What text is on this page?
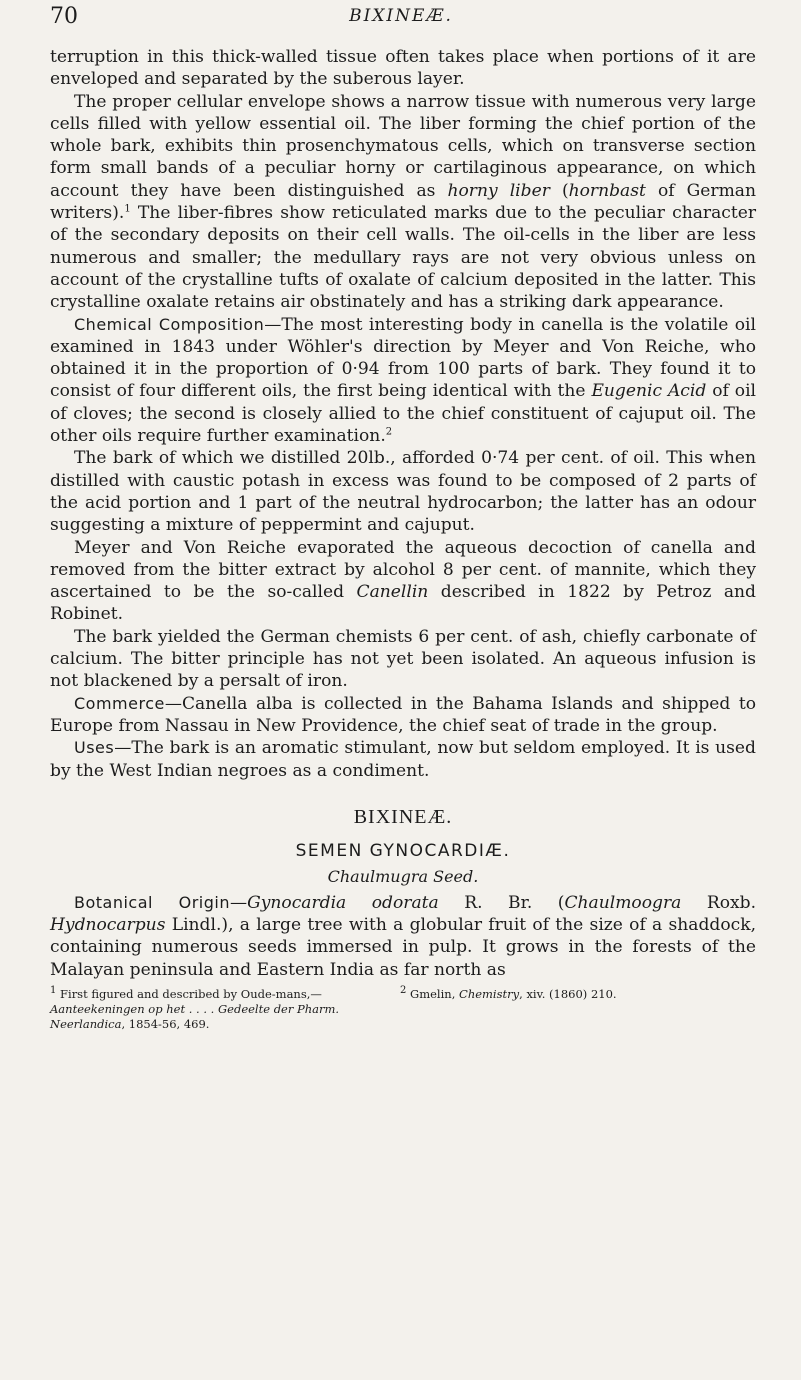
70	BIXINEÆ.

terruption in this thick-walled tissue often takes place when portions of it are enveloped and separated by the suberous layer.

The proper cellular envelope shows a narrow tissue with numerous very large cells filled with yellow essential oil. The liber forming the chief portion of the whole bark, exhibits thin prosenchymatous cells, which on transverse section form small bands of a peculiar horny or cartilaginous appearance, on which account they have been distinguished as horny liber (hornbast of German writers).$^1$ The liber-fibres show reticulated marks due to the peculiar character of the secondary deposits on their cell walls. The oil-cells in the liber are less numerous and smaller; the medullary rays are not very obvious unless on account of the crystalline tufts of oxalate of calcium deposited in the latter. This crystalline oxalate retains air obstinately and has a striking dark appearance.

Chemical Composition—The most interesting body in canella is the volatile oil examined in 1843 under Wöhler's direction by Meyer and Von Reiche, who obtained it in the proportion of 0·94 from 100 parts of bark. They found it to consist of four different oils, the first being identical with the Eugenic Acid of oil of cloves; the second is closely allied to the chief constituent of cajuput oil. The other oils require further examination.$^2$

The bark of which we distilled 20lb., afforded 0·74 per cent. of oil. This when distilled with caustic potash in excess was found to be composed of 2 parts of the acid portion and 1 part of the neutral hydrocarbon; the latter has an odour suggesting a mixture of peppermint and cajuput.

Meyer and Von Reiche evaporated the aqueous decoction of canella and removed from the bitter extract by alcohol 8 per cent. of mannite, which they ascertained to be the so-called Canellin described in 1822 by Petroz and Robinet.

The bark yielded the German chemists 6 per cent. of ash, chiefly carbonate of calcium. The bitter principle has not yet been isolated. An aqueous infusion is not blackened by a persalt of iron.

Commerce—Canella alba is collected in the Bahama Islands and shipped to Europe from Nassau in New Providence, the chief seat of trade in the group.

Uses—The bark is an aromatic stimulant, now but seldom employed. It is used by the West Indian negroes as a condiment.

BIXINEÆ.
SEMEN GYNOCARDIÆ.
Chaulmugra Seed.

Botanical Origin—Gynocardia odorata R. Br. (Chaulmoogra Roxb. Hydnocarpus Lindl.), a large tree with a globular fruit of the size of a shaddock, containing numerous seeds immersed in pulp. It grows in the forests of the Malayan peninsula and Eastern India as far north as

$^1$ First figured and described by Oude-mans,—Aanteekeningen op het . . . . Gedeelte der Pharm. Neerlandica, 1854-56, 469.
$^2$ Gmelin, Chemistry, xiv. (1860) 210.
